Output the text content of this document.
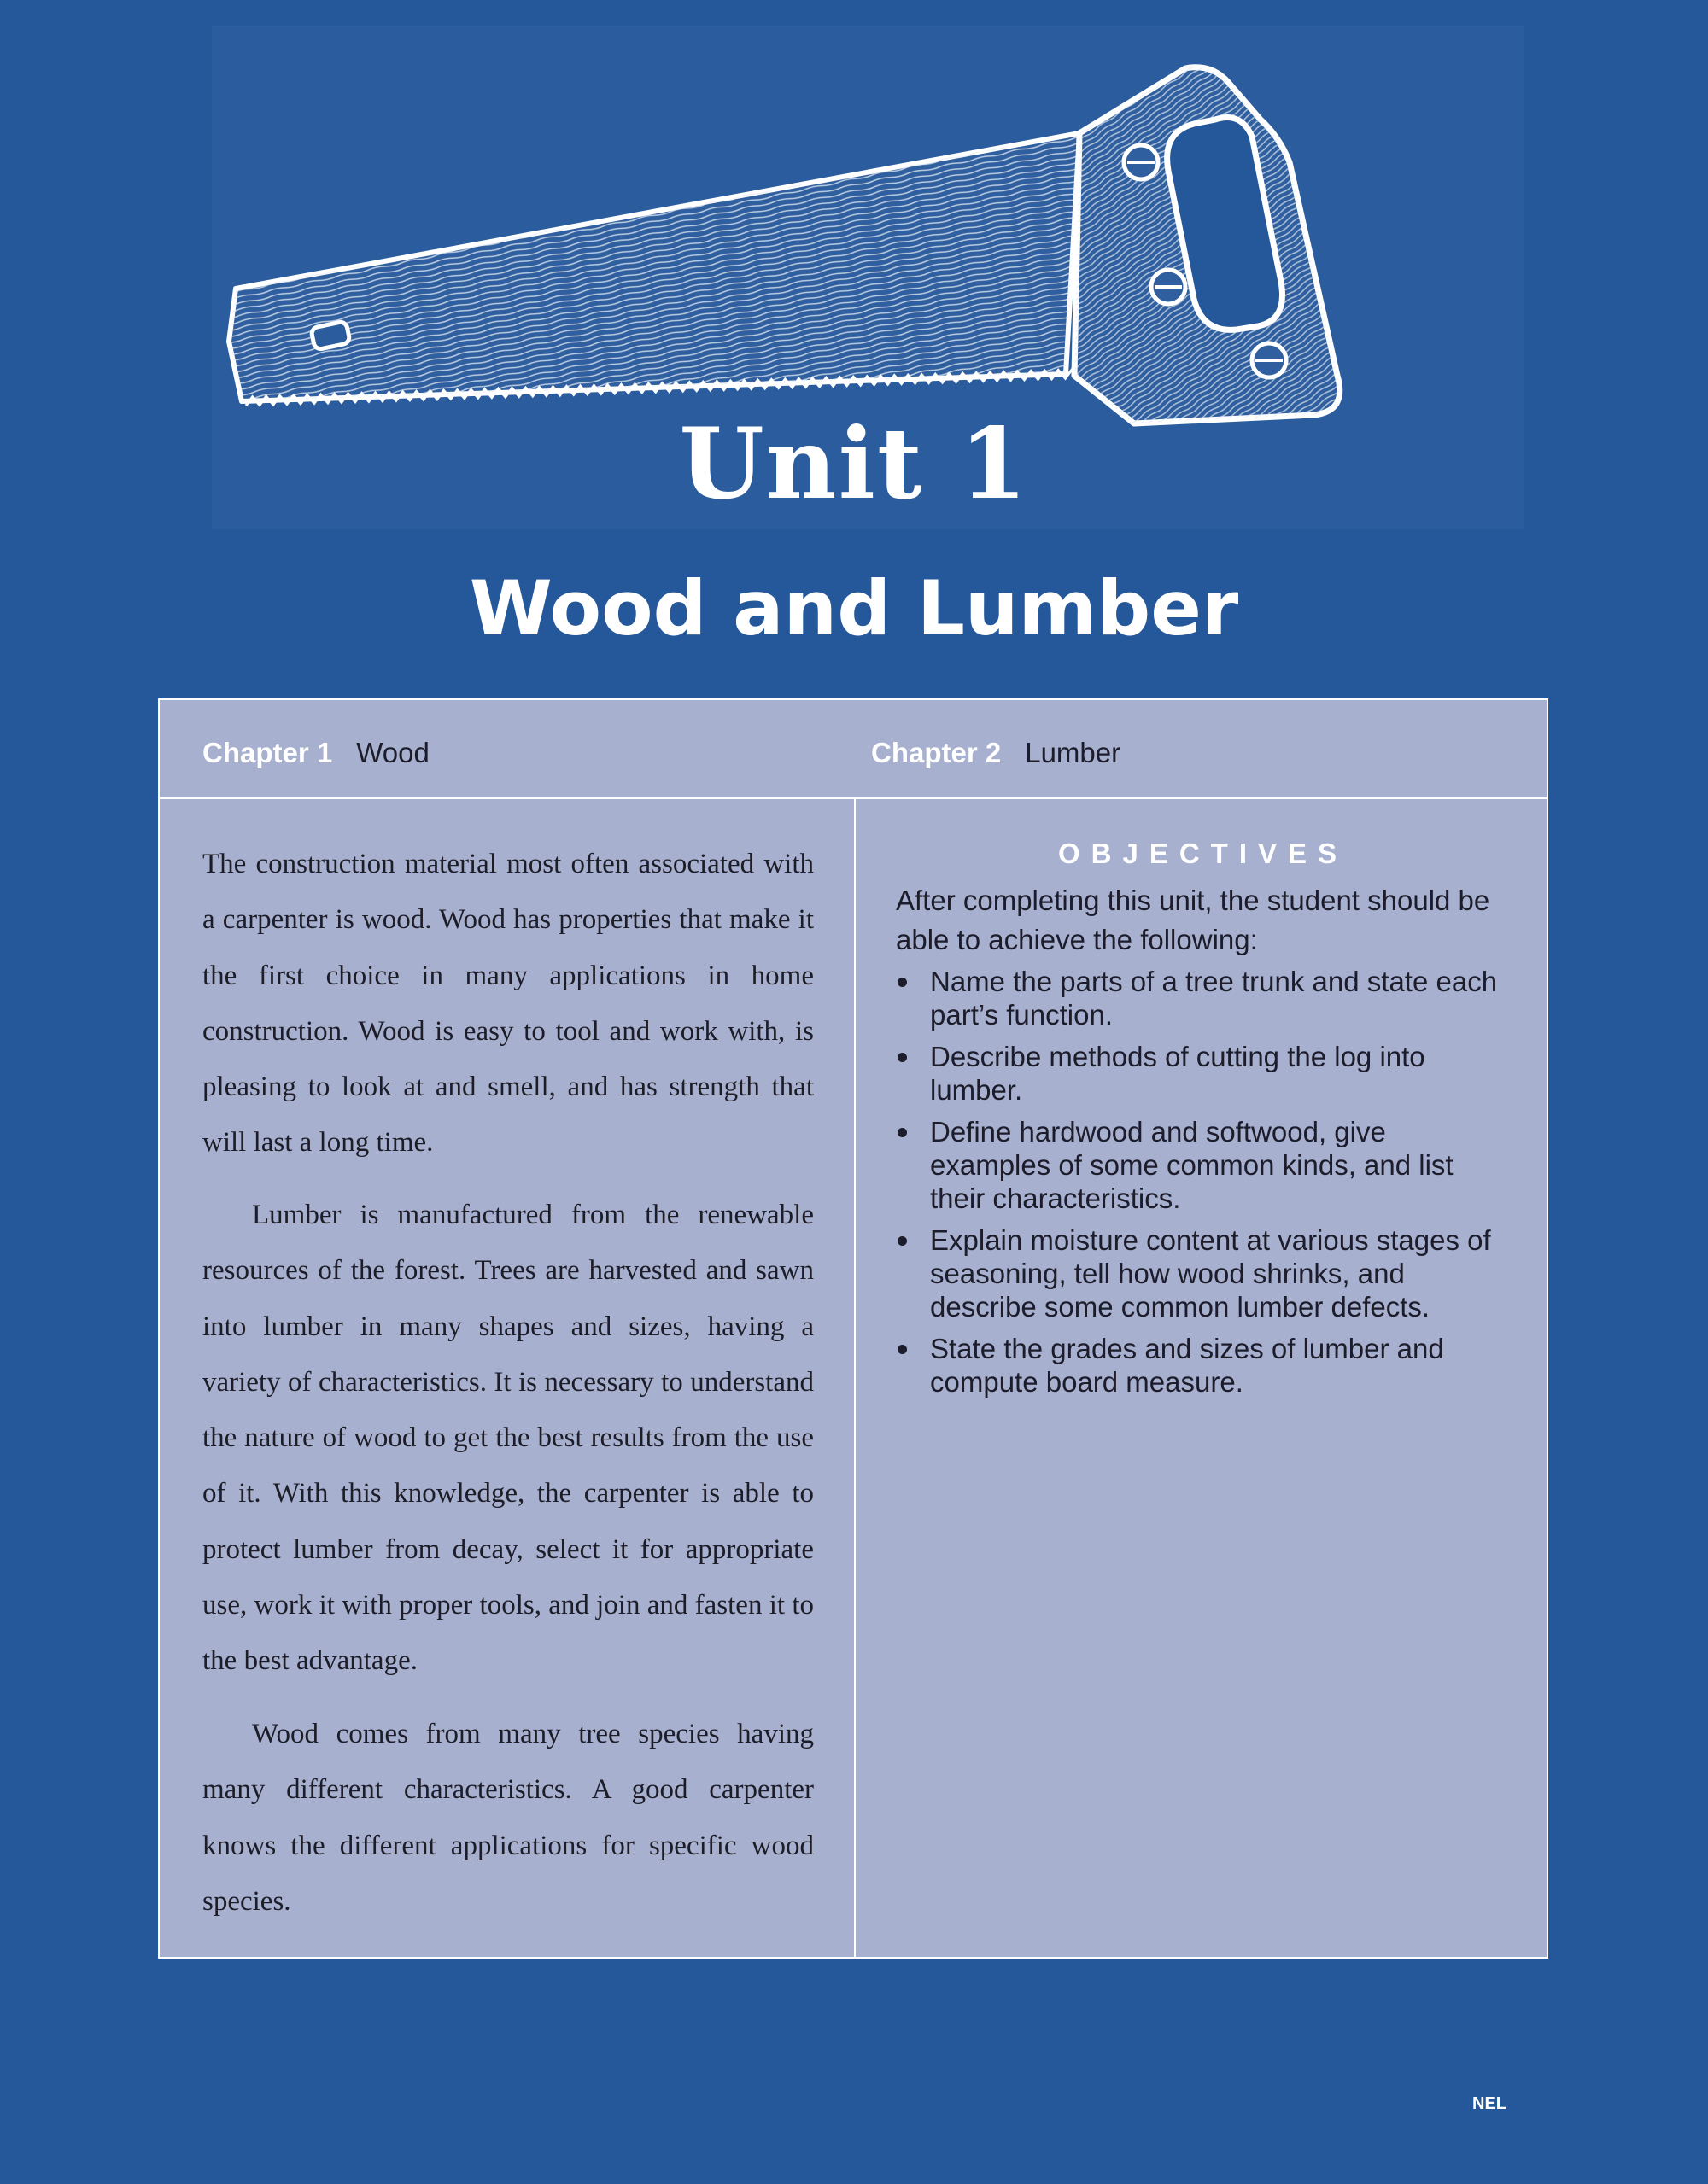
Unit 1
Wood and Lumber
Chapter 1 Wood	Chapter 2 Lumber

The construction material most often associated with a carpenter is wood. Wood has properties that make it the first choice in many applications in home construction. Wood is easy to tool and work with, is pleasing to look at and smell, and has strength that will last a long time.

Lumber is manufactured from the renewable resources of the forest. Trees are harvested and sawn into lumber in many shapes and sizes, having a variety of characteristics. It is necessary to understand the nature of wood to get the best results from the use of it. With this knowledge, the carpenter is able to protect lumber from decay, select it for appropriate use, work it with proper tools, and join and fasten it to the best advantage.

Wood comes from many tree species having many different characteristics. A good carpenter knows the different applications for specific wood species.

OBJECTIVES

After completing this unit, the student should be able to achieve the following:

Name the parts of a tree trunk and state each part’s function.
Describe methods of cutting the log into lumber.
Define hardwood and softwood, give examples of some common kinds, and list their characteristics.
Explain moisture content at various stages of seasoning, tell how wood shrinks, and describe some common lumber defects.
State the grades and sizes of lumber and compute board measure.

NEL
